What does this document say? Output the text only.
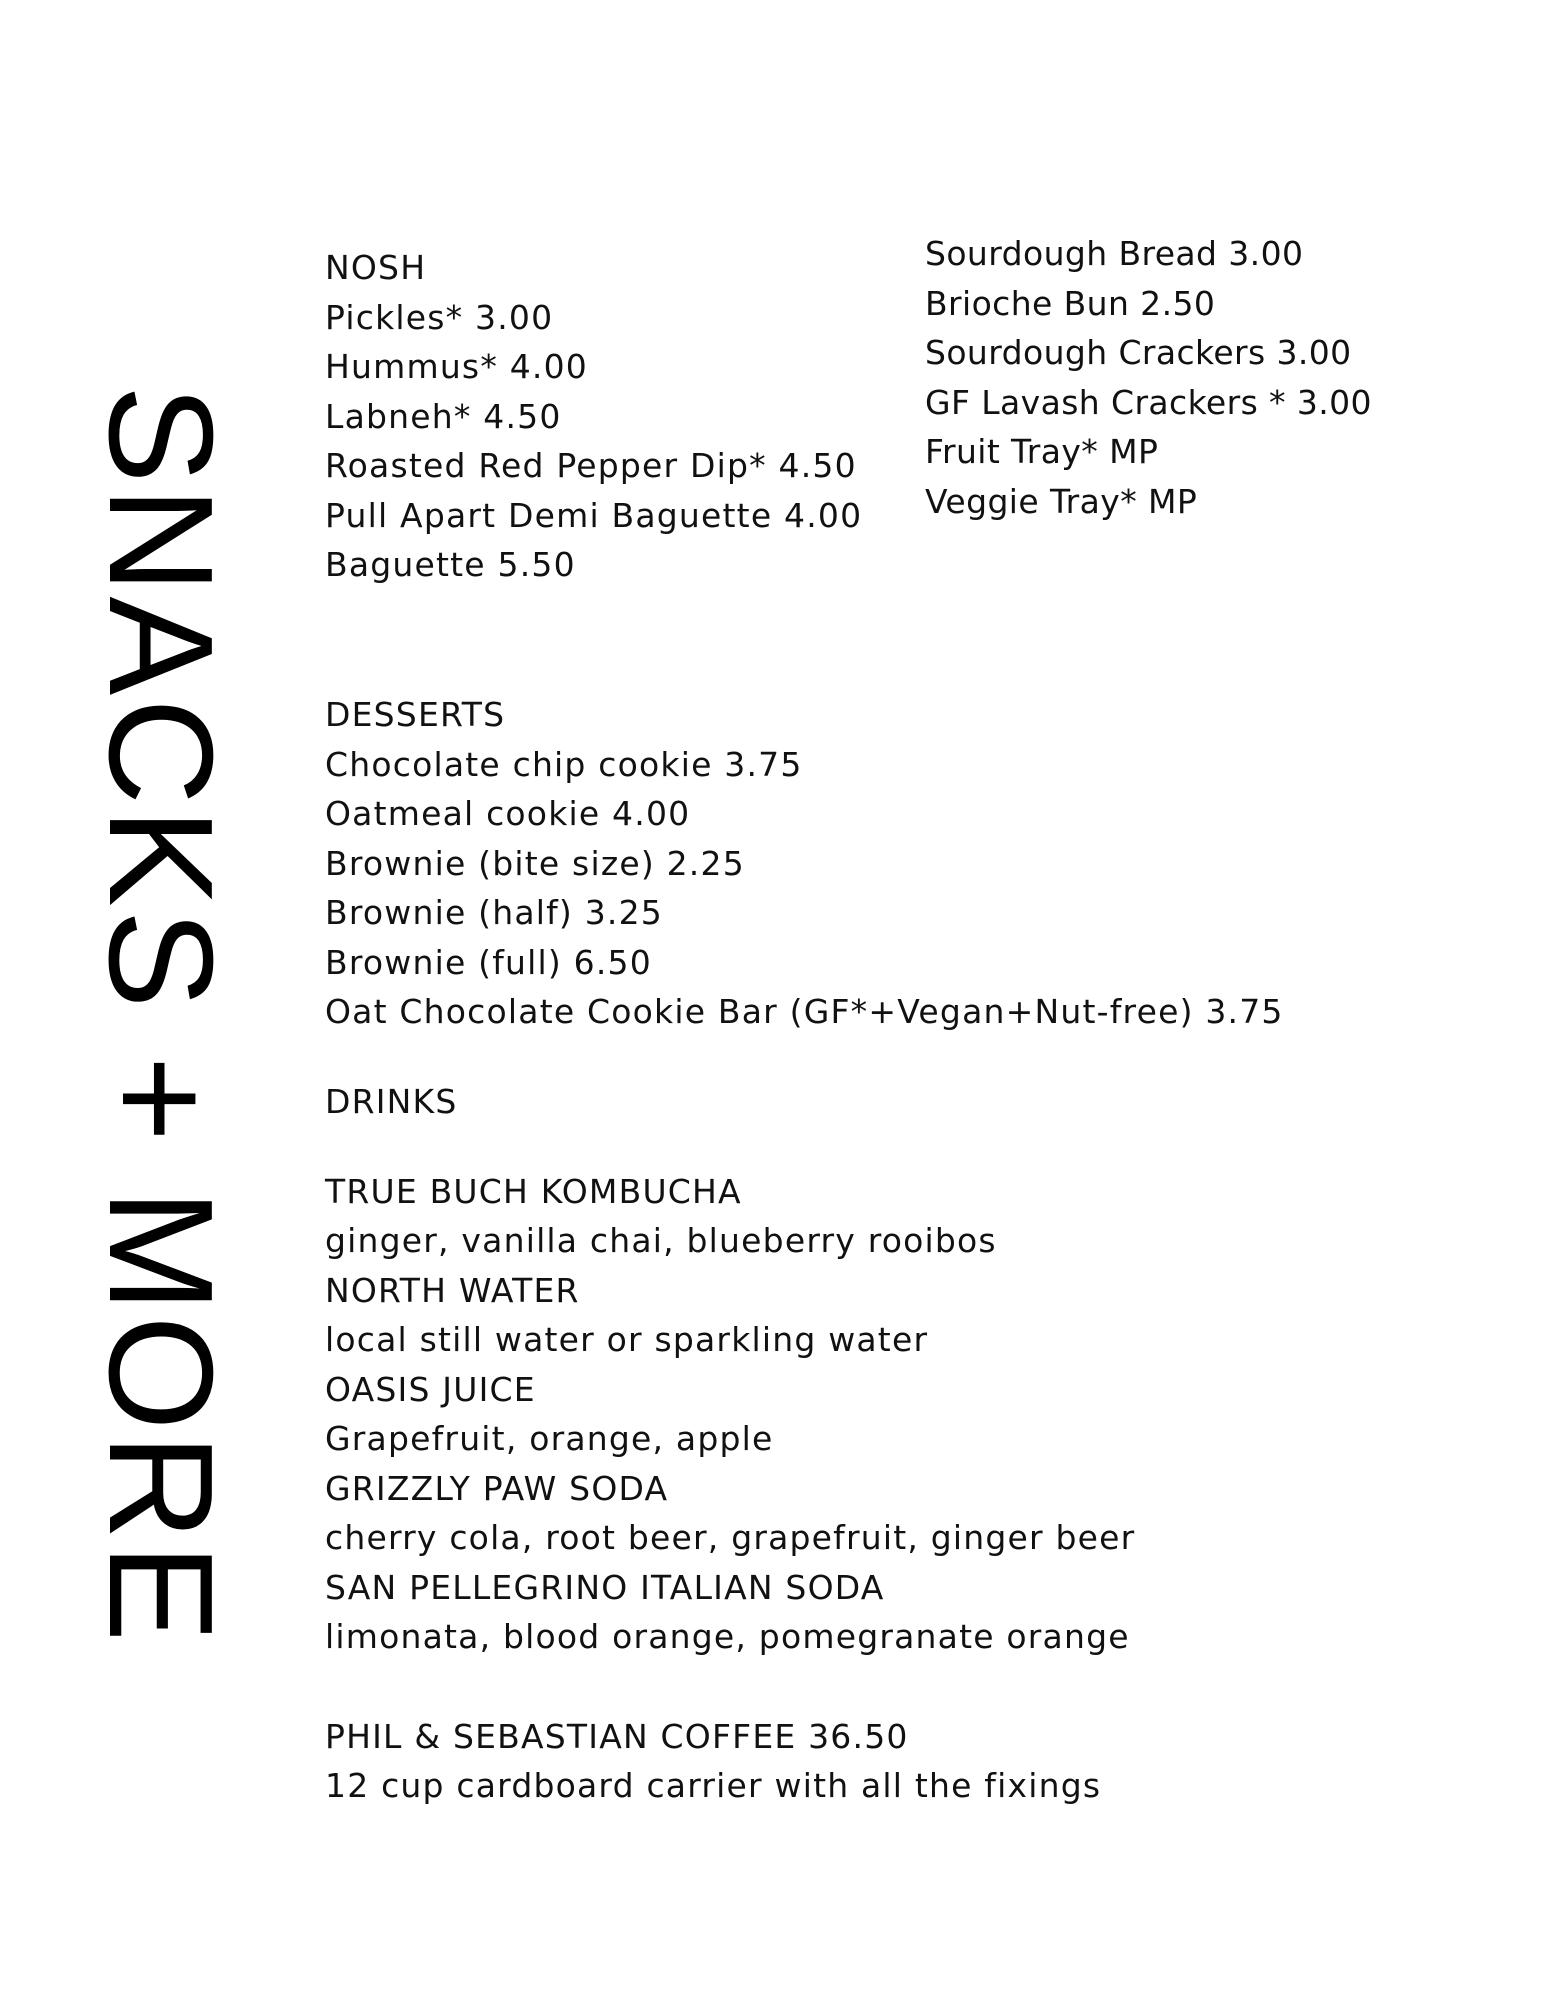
SNACKS + MORE
NOSH
Pickles* 3.00
Hummus* 4.00
Labneh* 4.50
Roasted Red Pepper Dip* 4.50
Pull Apart Demi Baguette 4.00
Baguette 5.50
Sourdough Bread 3.00
Brioche Bun 2.50
Sourdough Crackers 3.00
GF Lavash Crackers * 3.00
Fruit Tray* MP
Veggie Tray* MP
DESSERTS
Chocolate chip cookie 3.75
Oatmeal cookie 4.00
Brownie (bite size) 2.25
Brownie (half) 3.25
Brownie (full) 6.50
Oat Chocolate Cookie Bar (GF*+Vegan+Nut-free) 3.75
DRINKS
TRUE BUCH KOMBUCHA
ginger, vanilla chai, blueberry rooibos
NORTH WATER
local still water or sparkling water
OASIS JUICE
Grapefruit, orange, apple
GRIZZLY PAW SODA
cherry cola, root beer, grapefruit, ginger beer
SAN PELLEGRINO ITALIAN SODA
limonata, blood orange, pomegranate orange
PHIL & SEBASTIAN COFFEE 36.50
12 cup cardboard carrier with all the fixings
